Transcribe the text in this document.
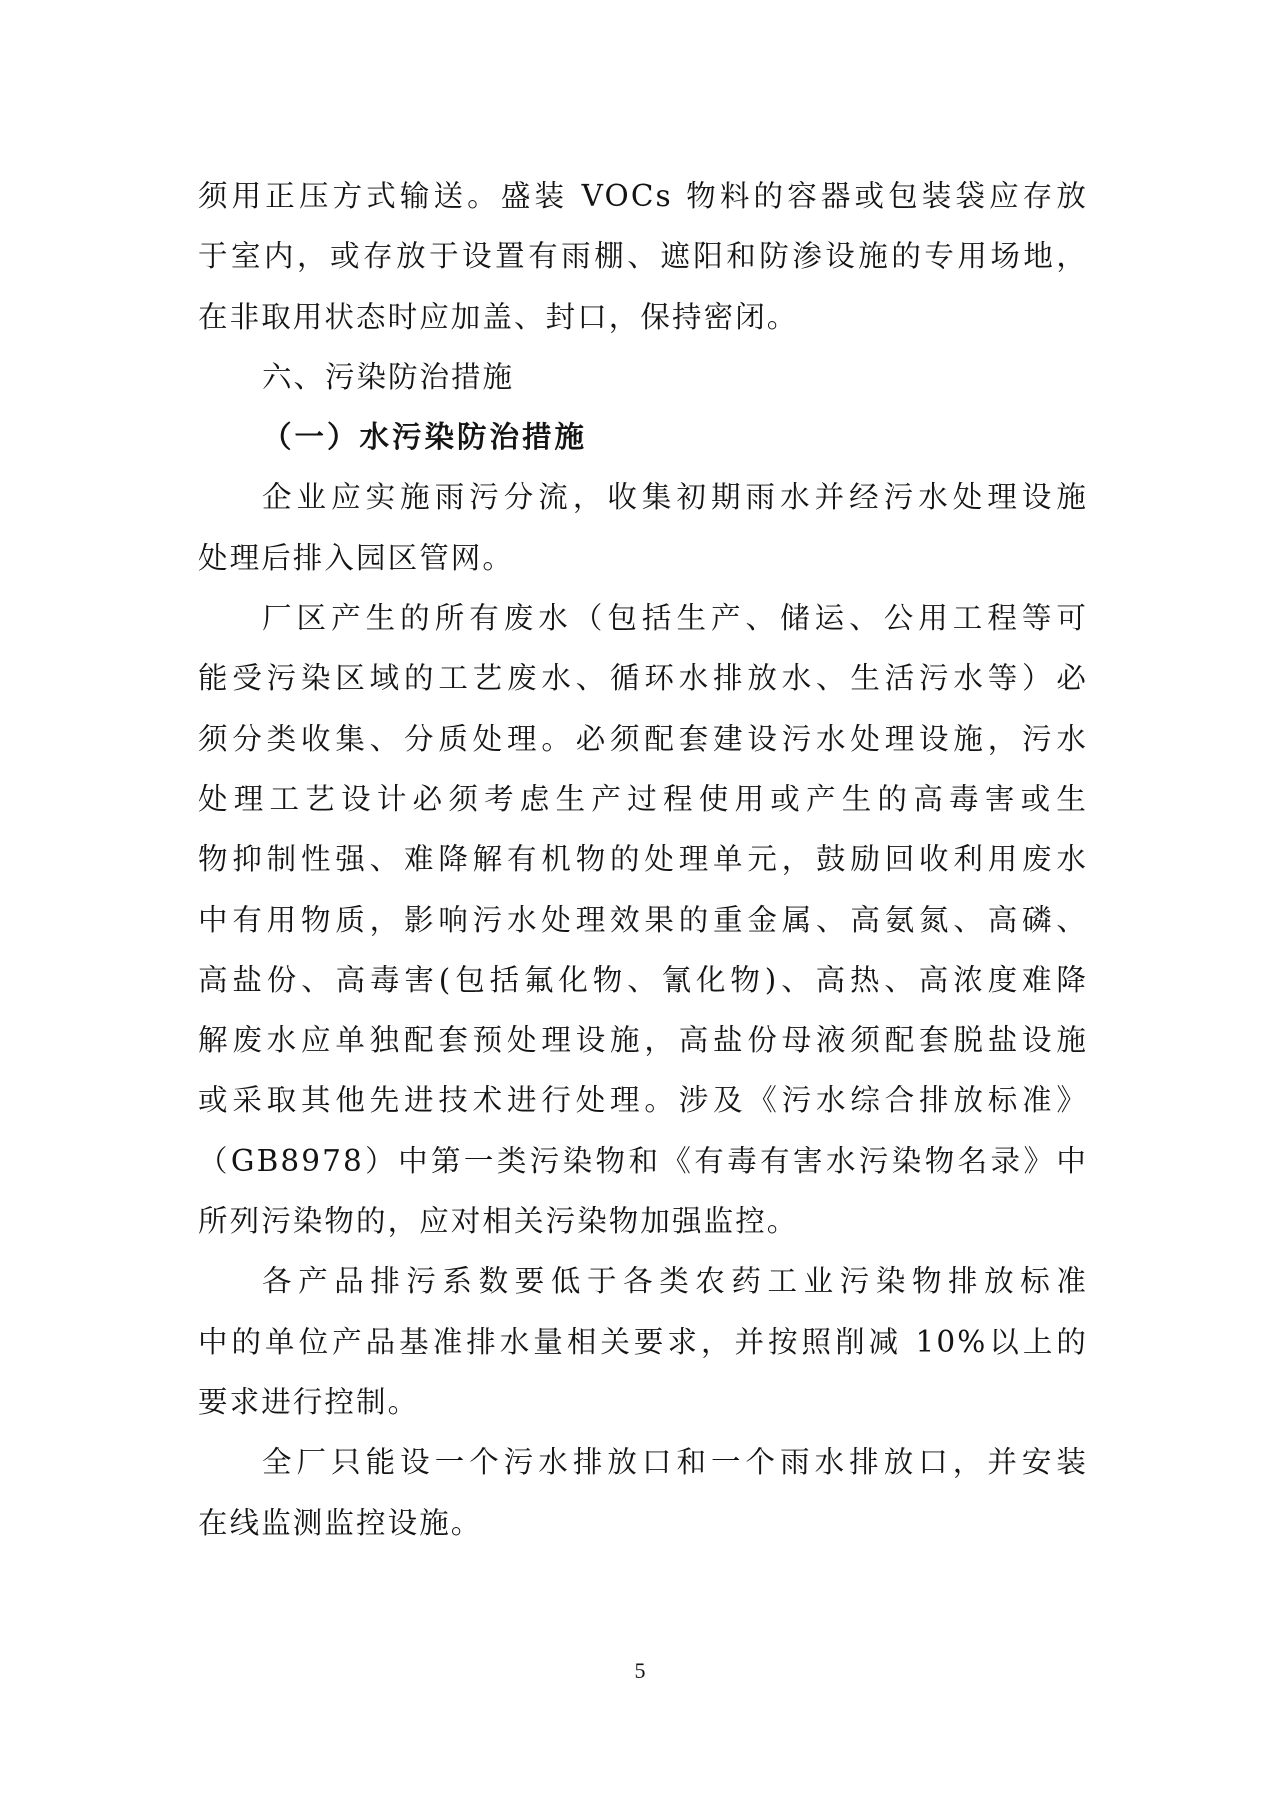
须用正压方式输送。盛装 VOCs 物料的容器或包装袋应存放
于室内，或存放于设置有雨棚、遮阳和防渗设施的专用场地，
在非取用状态时应加盖、封口，保持密闭。
六、污染防治措施
（一）水污染防治措施
企业应实施雨污分流，收集初期雨水并经污水处理设施
处理后排入园区管网。
厂区产生的所有废水（包括生产、储运、公用工程等可
能受污染区域的工艺废水、循环水排放水、生活污水等）必
须分类收集、分质处理。必须配套建设污水处理设施，污水
处理工艺设计必须考虑生产过程使用或产生的高毒害或生
物抑制性强、难降解有机物的处理单元，鼓励回收利用废水
中有用物质，影响污水处理效果的重金属、高氨氮、高磷、
高盐份、高毒害(包括氟化物、氰化物)、高热、高浓度难降
解废水应单独配套预处理设施，高盐份母液须配套脱盐设施
或采取其他先进技术进行处理。涉及《污水综合排放标准》
（GB8978）中第一类污染物和《有毒有害水污染物名录》中
所列污染物的，应对相关污染物加强监控。
各产品排污系数要低于各类农药工业污染物排放标准
中的单位产品基准排水量相关要求，并按照削减 10%以上的
要求进行控制。
全厂只能设一个污水排放口和一个雨水排放口，并安装
在线监测监控设施。
5
